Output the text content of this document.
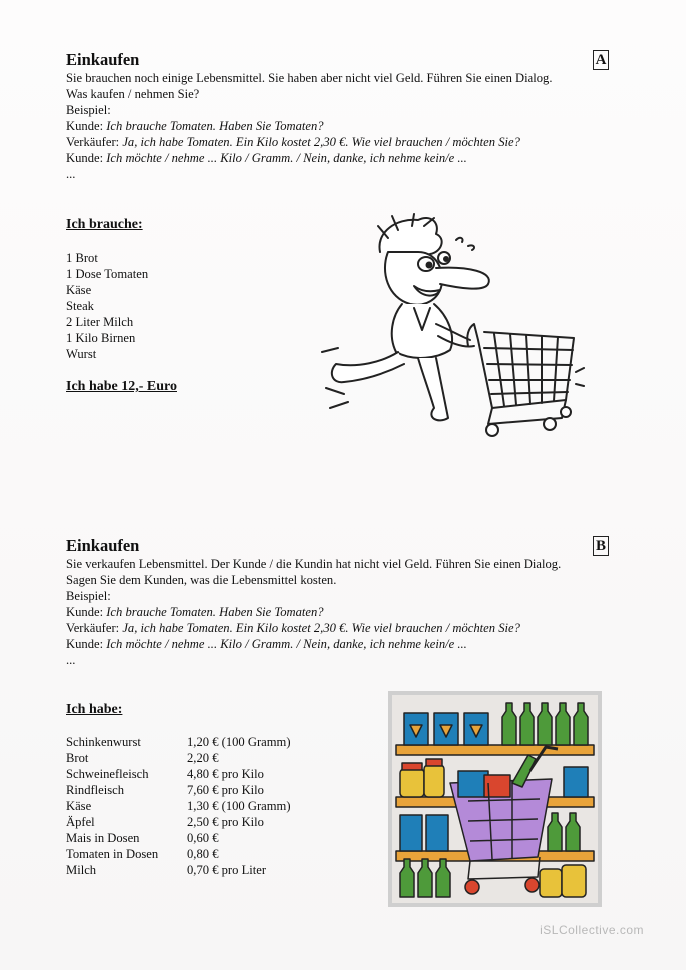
Einkaufen	A
Sie brauchen noch einige Lebensmittel. Sie haben aber nicht viel Geld. Führen Sie einen Dialog.
Was kaufen / nehmen Sie?
Beispiel:
Kunde: Ich brauche Tomaten. Haben Sie Tomaten?
Verkäufer: Ja, ich habe Tomaten. Ein Kilo kostet 2,30 €. Wie viel brauchen / möchten Sie?
Kunde: Ich möchte / nehme ... Kilo / Gramm. / Nein, danke, ich nehme kein/e ...
...
Ich brauche:
1 Brot
1 Dose Tomaten
Käse
Steak
2 Liter Milch
1 Kilo Birnen
Wurst
Ich habe 12,- Euro
Einkaufen	B
Sie verkaufen Lebensmittel. Der Kunde / die Kundin hat nicht viel Geld. Führen Sie einen Dialog.
Sagen Sie dem Kunden, was die Lebensmittel kosten.
Beispiel:
Kunde: Ich brauche Tomaten. Haben Sie Tomaten?
Verkäufer: Ja, ich habe Tomaten. Ein Kilo kostet 2,30 €. Wie viel brauchen / möchten Sie?
Kunde: Ich möchte / nehme ... Kilo / Gramm. / Nein, danke, ich nehme kein/e ...
...
Ich habe:
Schinkenwurst	1,20 € (100 Gramm)
Brot	2,20 €
Schweinefleisch	4,80 € pro Kilo
Rindfleisch	7,60 € pro Kilo
Käse	1,30 € (100 Gramm)
Äpfel	2,50 € pro Kilo
Mais in Dosen	0,60 €
Tomaten in Dosen	0,80 €
Milch	0,70 € pro Liter
iSLCollective.com
